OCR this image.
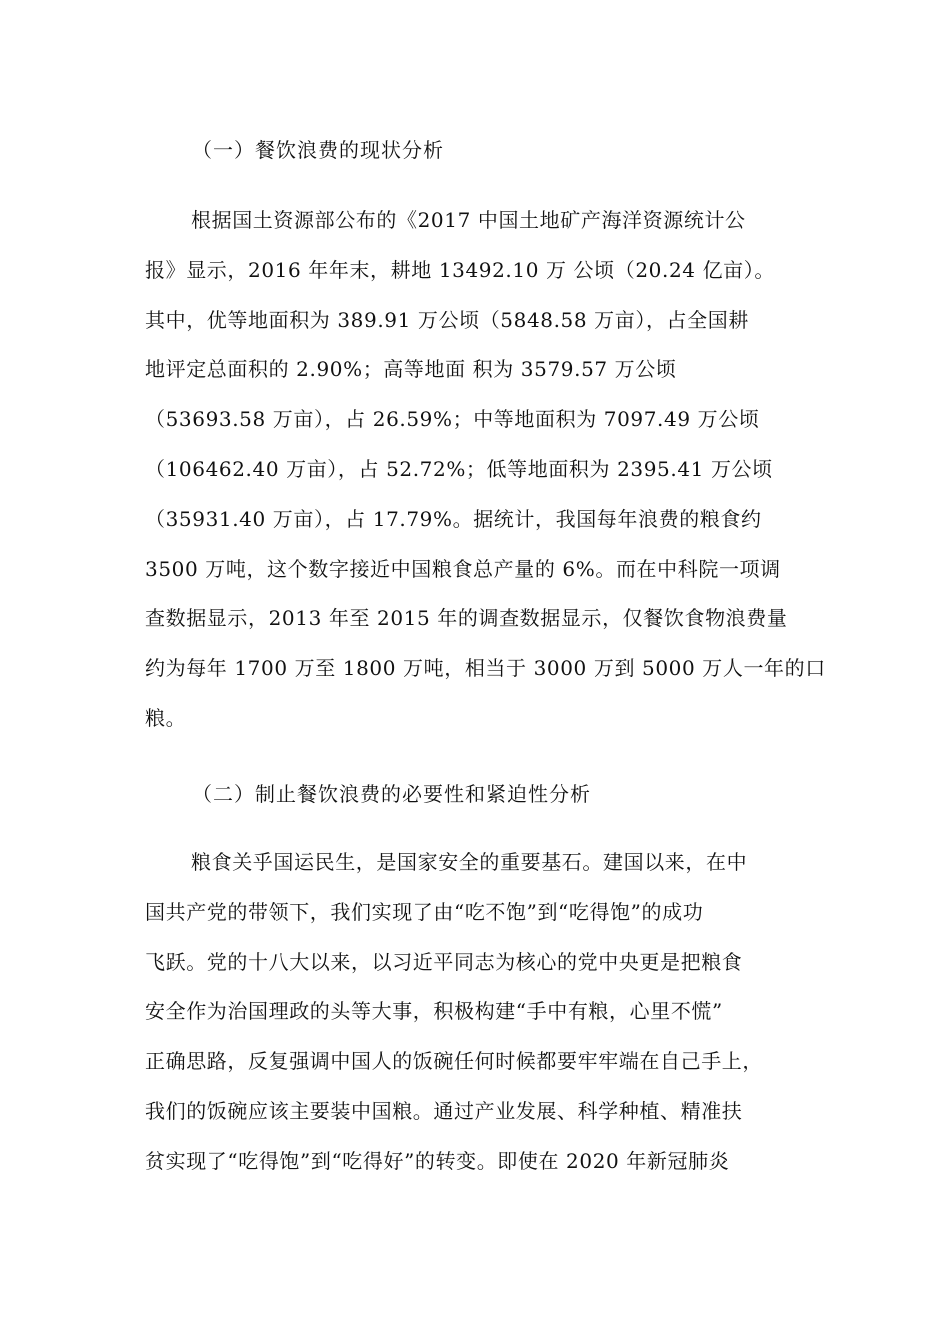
（一）餐饮浪费的现状分析
根据国土资源部公布的《2017 中国土地矿产海洋资源统计公
报》显示，2016 年年末，耕地 13492.10 万 公顷（20.24 亿亩）。
其中，优等地面积为 389.91 万公顷（5848.58 万亩），占全国耕
地评定总面积的 2.90%；高等地面 积为 3579.57 万公顷
（53693.58 万亩），占 26.59%；中等地面积为 7097.49 万公顷
（106462.40 万亩），占 52.72%；低等地面积为 2395.41 万公顷
（35931.40 万亩），占 17.79%。据统计，我国每年浪费的粮食约
3500 万吨，这个数字接近中国粮食总产量的 6%。而在中科院一项调
查数据显示，2013 年至 2015 年的调查数据显示，仅餐饮食物浪费量
约为每年 1700 万至 1800 万吨，相当于 3000 万到 5000 万人一年的口
粮。
（二）制止餐饮浪费的必要性和紧迫性分析
粮食关乎国运民生，是国家安全的重要基石。建国以来，在中
国共产党的带领下，我们实现了由“吃不饱”到“吃得饱”的成功
飞跃。党的十八大以来，以习近平同志为核心的党中央更是把粮食
安全作为治国理政的头等大事，积极构建“手中有粮，心里不慌”
正确思路，反复强调中国人的饭碗任何时候都要牢牢端在自己手上，
我们的饭碗应该主要装中国粮。通过产业发展、科学种植、精准扶
贫实现了“吃得饱”到“吃得好”的转变。即使在 2020 年新冠肺炎
